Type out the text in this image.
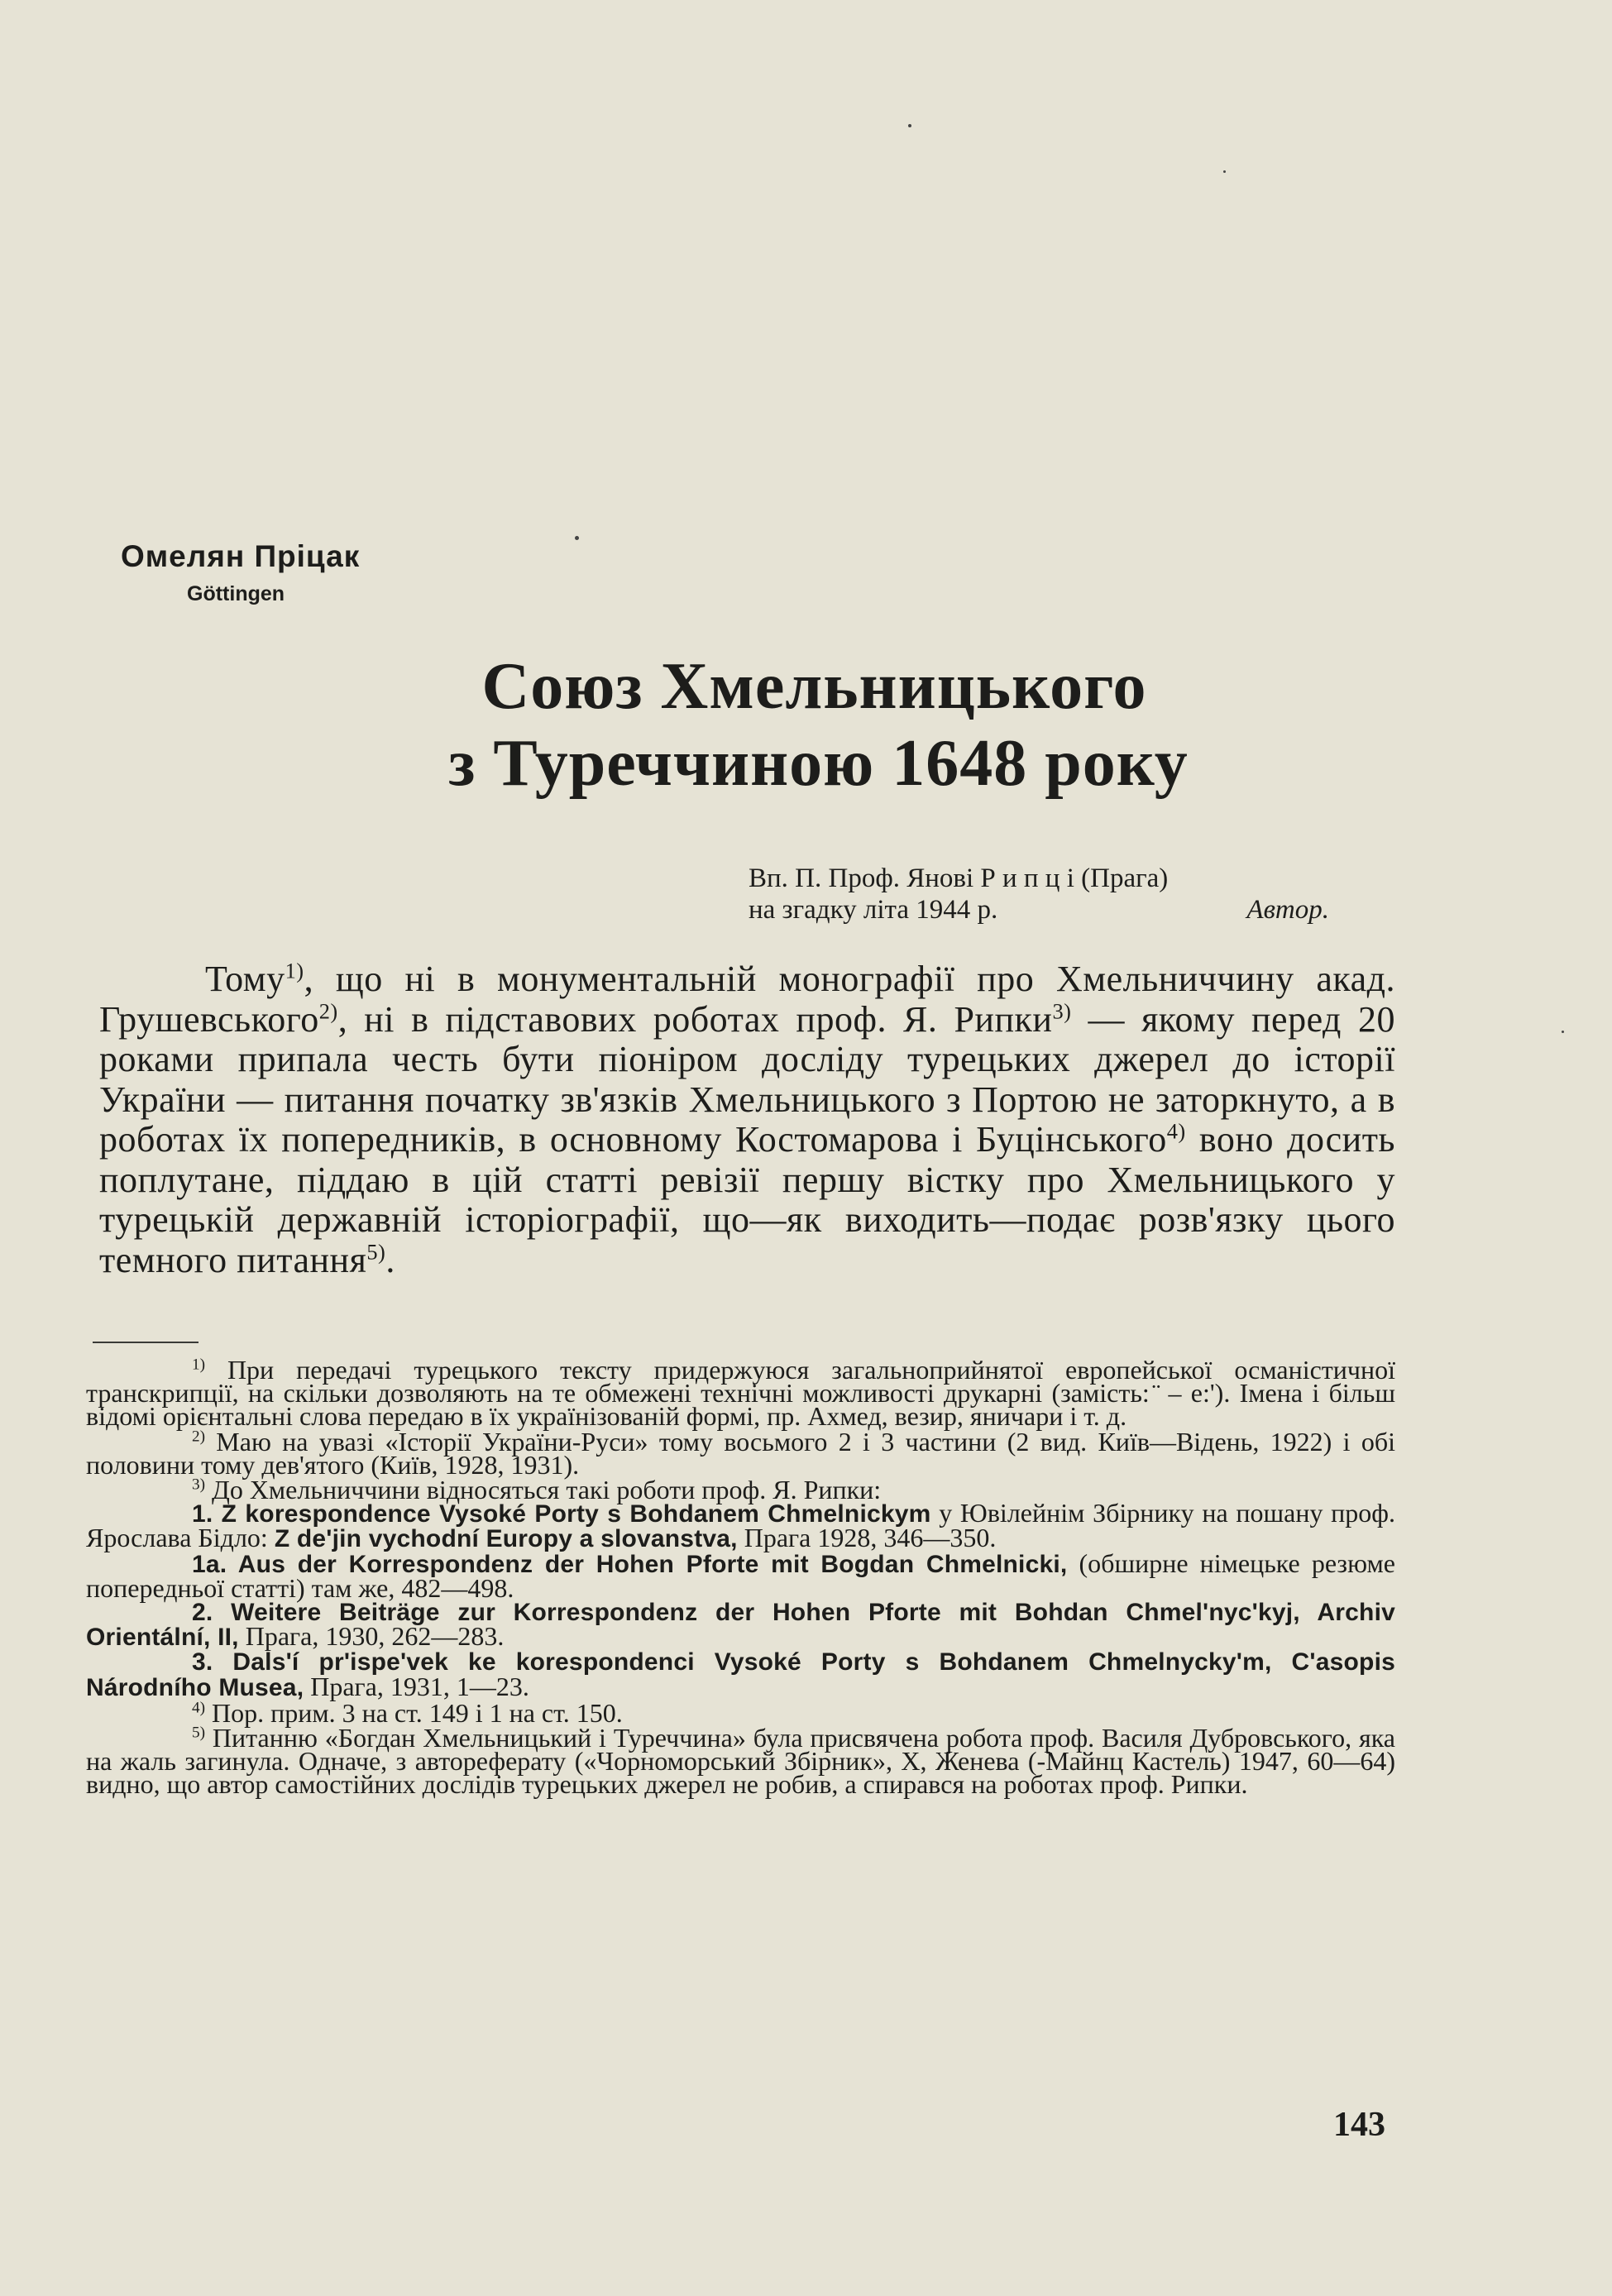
Омелян Пріцак
Göttingen
Союз Хмельницького
з Туреччиною 1648 року
Вп. П. Проф. Янові Р и п ц і (Прага)
на згадку літа 1944 р.	Автор.

Тому$^{1)}$, що ні в монументальній монографії про Хмельниччину акад. Грушевського$^{2)}$, ні в підставових роботах проф. Я. Рипки$^{3)}$ — якому перед 20 роками припала честь бути піоніром досліду турецьких джерел до історії України — питання початку зв'язків Хмельницького з Портою не заторкнуто, а в роботах їх попередників, в основному Костомарова і Буцінського$^{4)}$ воно досить поплутане, піддаю в цій статті ревізії першу вістку про Хмельницького у турецькій державній історіографії, що—як виходить—подає розв'язку цього темного питання$^{5)}$.

$^{1)}$ При передачі турецького тексту придержуюся загальноприйнятої европейської османістичної транскрипції, на скільки дозволяють на те обмежені технічні можливості друкарні (замість: ̈ – е:'). Імена і більш відомі орієнтальні слова передаю в їх українізованій формі, пр. Ахмед, везир, яничари і т. д.

$^{2)}$ Маю на увазі «Історії України-Руси» тому восьмого 2 і 3 частини (2 вид. Київ—Відень, 1922) і обі половини тому дев'ятого (Київ, 1928, 1931).

$^{3)}$ До Хмельниччини відносяться такі роботи проф. Я. Рипки:

1. Z korespondence Vysoké Porty s Bohdanem Chmelnickym у Ювілейнім Збірнику на пошану проф. Ярослава Бідло: Z de'jin vychodní Europy a slovanstva, Прага 1928, 346—350.

1a. Aus der Korrespondenz der Hohen Pforte mit Bogdan Chmelnicki, (обширне німецьке резюме попередньої статті) там же, 482—498.

2. Weitere Beiträge zur Korrespondenz der Hohen Pforte mit Bohdan Chmel'nyc'kyj, Archiv Orientální, II, Прага, 1930, 262—283.

3. Dals'í pr'ispe'vek ke korespondenci Vysoké Porty s Bohdanem Chmelnycky'm, C'asopis Národního Musea, Прага, 1931, 1—23.

$^{4)}$ Пор. прим. 3 на ст. 149 і 1 на ст. 150.

$^{5)}$ Питанню «Богдан Хмельницький і Туреччина» була присвячена робота проф. Василя Дубровського, яка на жаль загинула. Одначе, з автореферату («Чорноморський Збірник», X, Женева (-Майнц Кастель) 1947, 60—64) видно, що автор самостійних дослідів турецьких джерел не робив, а спирався на роботах проф. Рипки.

143
